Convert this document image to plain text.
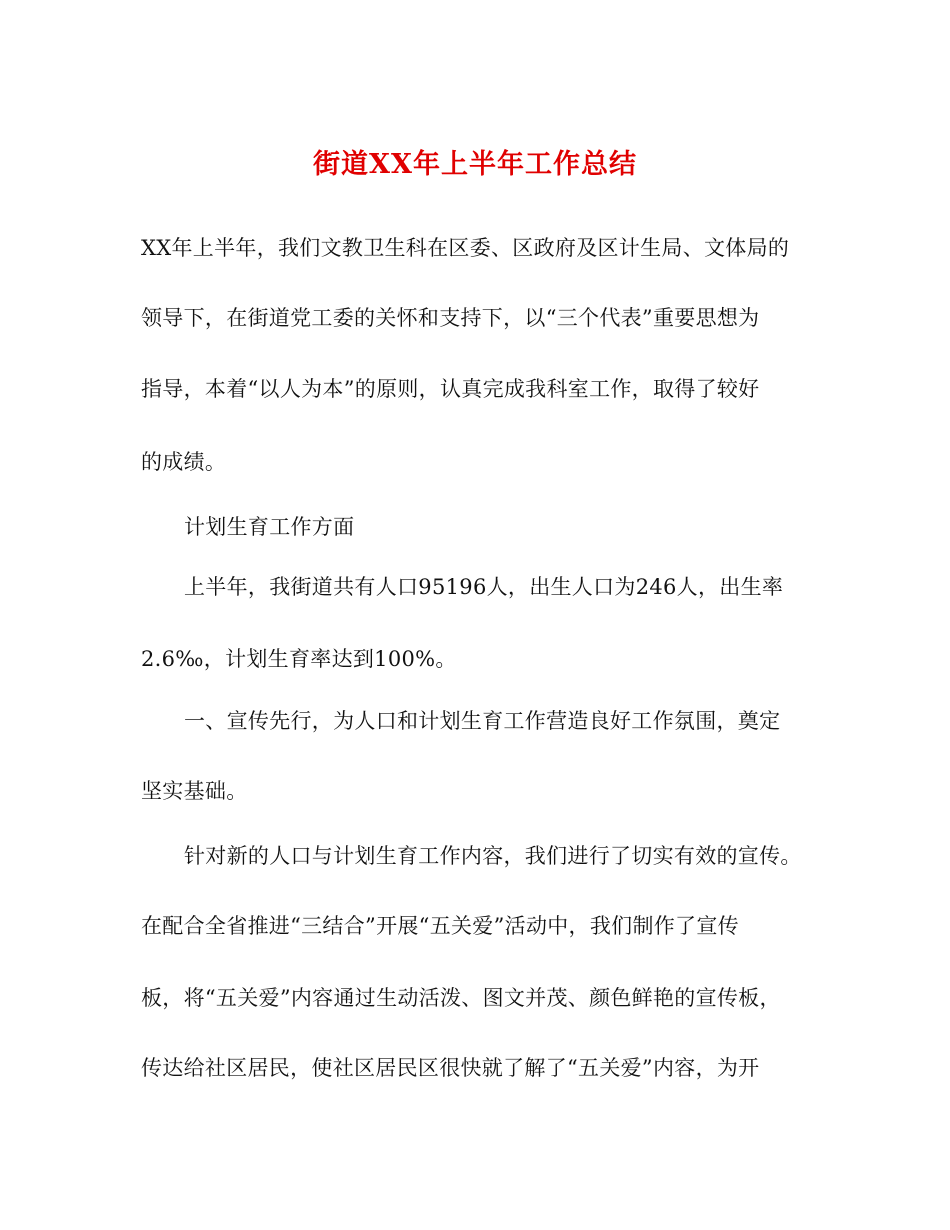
街道XX年上半年工作总结
XX年上半年，我们文教卫生科在区委、区政府及区计生局、文体局的
领导下，在街道党工委的关怀和支持下，以“三个代表”重要思想为
指导，本着“以人为本”的原则，认真完成我科室工作，取得了较好
的成绩。
计划生育工作方面
上半年，我街道共有人口95196人，出生人口为246人，出生率
2.6‰，计划生育率达到100%。
一、宣传先行，为人口和计划生育工作营造良好工作氛围，奠定
坚实基础。
针对新的人口与计划生育工作内容，我们进行了切实有效的宣传。
在配合全省推进“三结合”开展“五关爱”活动中，我们制作了宣传
板，将“五关爱”内容通过生动活泼、图文并茂、颜色鲜艳的宣传板，
传达给社区居民，使社区居民区很快就了解了“五关爱”内容，为开
